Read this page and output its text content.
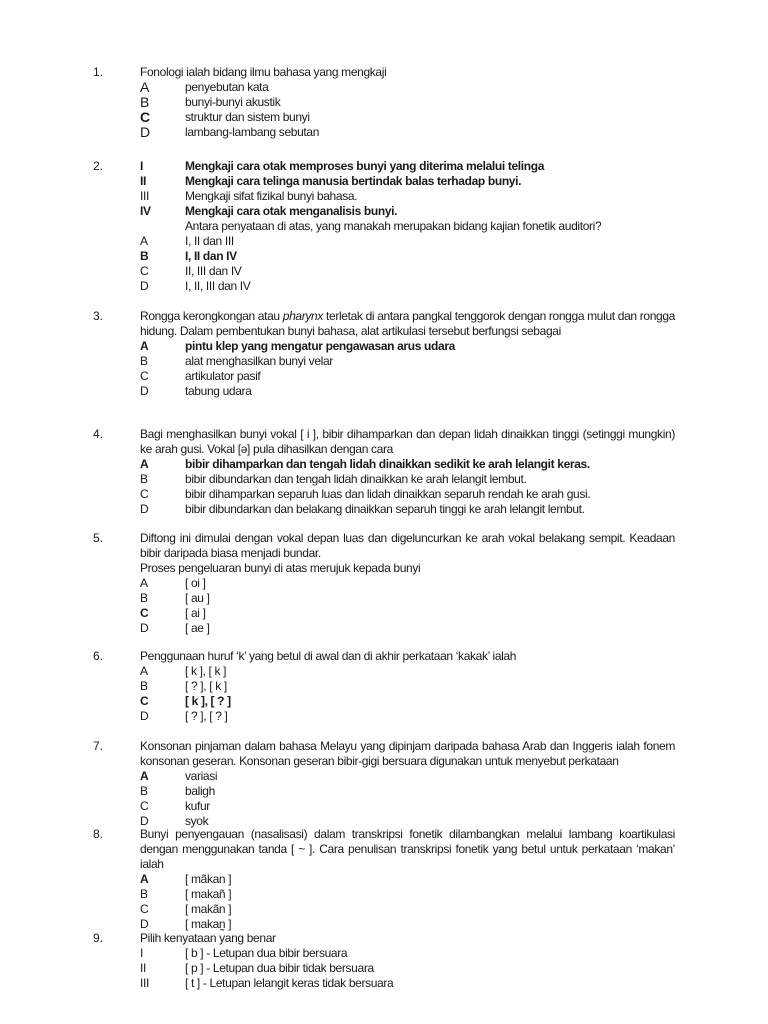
1.	Fonologi ialah bidang ilmu bahasa yang mengkaji

A	penyebutan kata
B	bunyi-bunyi akustik
C	struktur dan sistem bunyi
D	lambang-lambang sebutan
2.	I	Mengkaji cara otak memproses bunyi yang diterima melalui telinga
II	Mengkaji cara telinga manusia bertindak balas terhadap bunyi.
III	Mengkaji sifat fizikal bunyi bahasa.
IV	Mengkaji cara otak menganalisis bunyi.
Antara penyataan di atas, yang manakah merupakan bidang kajian fonetik auditori?
A	I, II dan III
B	I, II dan IV
C	II, III dan IV
D	I, II, III dan IV
3.	Rongga kerongkongan atau pharynx terletak di antara pangkal tenggorok dengan rongga mulut dan rongga hidung. Dalam pembentukan bunyi bahasa, alat artikulasi tersebut berfungsi sebagai

A	pintu klep yang mengatur pengawasan arus udara
B	alat menghasilkan bunyi velar
C	artikulator pasif
D	tabung udara
4.	Bagi menghasilkan bunyi vokal [ i ], bibir dihamparkan dan depan lidah dinaikkan tinggi (setinggi mungkin) ke arah gusi. Vokal [ə] pula dihasilkan dengan cara

A	bibir dihamparkan dan tengah lidah dinaikkan sedikit ke arah lelangit keras.
B	bibir dibundarkan dan tengah lidah dinaikkan ke arah lelangit lembut.
C	bibir dihamparkan separuh luas dan lidah dinaikkan separuh rendah ke arah gusi.
D	bibir dibundarkan dan belakang dinaikkan separuh tinggi ke arah lelangit lembut.
5.	Diftong ini dimulai dengan vokal depan luas dan digeluncurkan ke arah vokal belakang sempit. Keadaan bibir daripada biasa menjadi bundar.

Proses pengeluaran bunyi di atas merujuk kepada bunyi

A	[ oi ]
B	[ au ]
C	[ ai ]
D	[ ae ]
6.	Penggunaan huruf ‘k’ yang betul di awal dan di akhir perkataan ‘kakak’ ialah

A	[ k ], [ k ]
B	[ ? ], [ k ]
C	[ k ], [ ? ]
D	[ ? ], [ ? ]
7.	Konsonan pinjaman dalam bahasa Melayu yang dipinjam daripada bahasa Arab dan Inggeris ialah fonem konsonan geseran. Konsonan geseran bibir-gigi bersuara digunakan untuk menyebut perkataan

A	variasi
B	baligh
C	kufur
D	syok
8.	Bunyi penyengauan (nasalisasi) dalam transkripsi fonetik dilambangkan melalui lambang koartikulasi dengan menggunakan tanda [ ~ ]. Cara penulisan transkripsi fonetik yang betul untuk perkataan ‘makan’ ialah

A	[ mãkan ]
B	[ makañ ]
C	[ makãn ]
D	[ makan̰ ]
9.	Pilih kenyataan yang benar

I	[ b ] - Letupan dua bibir bersuara
II	[ p ] - Letupan dua bibir tidak bersuara
III	[ t ] - Letupan lelangit keras tidak bersuara
